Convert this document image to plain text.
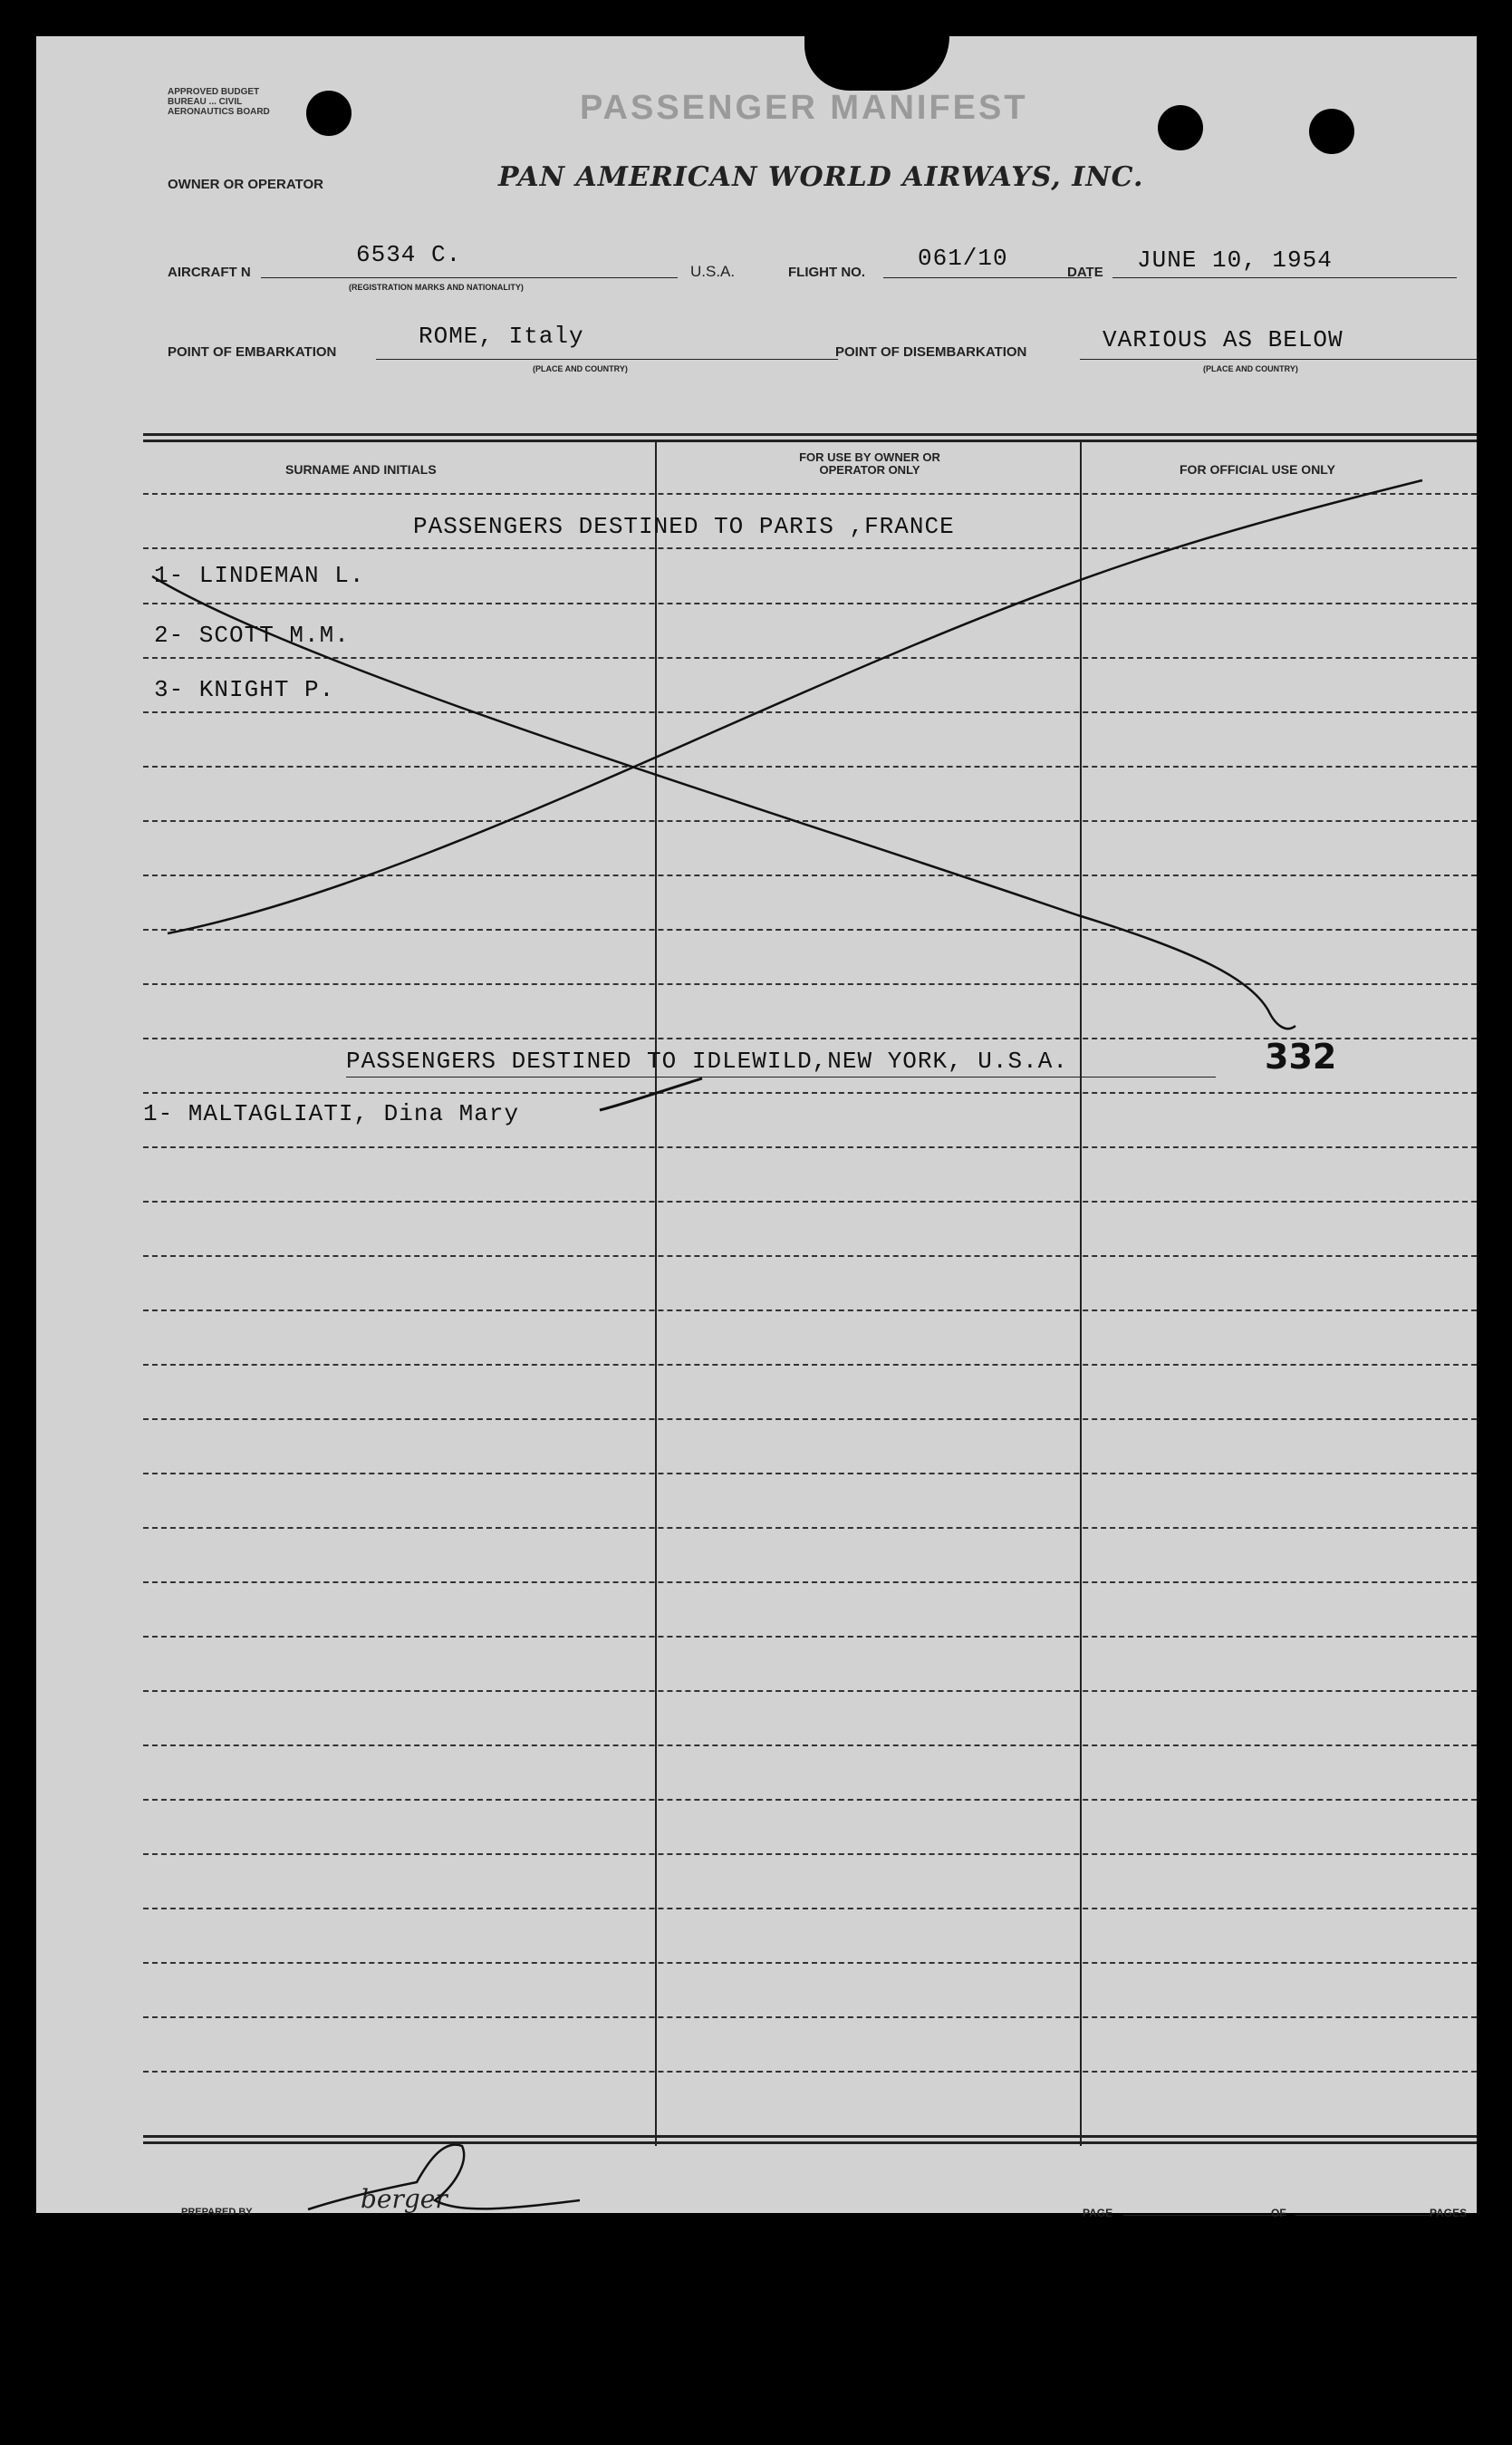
APPROVED BUDGET BUREAU ... CIVIL AERONAUTICS BOARD	PASSENGER MANIFEST
OWNER OR OPERATOR	PAN AMERICAN WORLD AIRWAYS, INC.
AIRCRAFT N
6534 C.
(REGISTRATION MARKS AND NATIONALITY)
U.S.A.	FLIGHT NO.
061/10
DATE JUNE 10, 1954
POINT OF EMBARKATION
ROME, Italy
(PLACE AND COUNTRY)
POINT OF DISEMBARKATION	VARIOUS AS BELOW
(PLACE AND COUNTRY)
SURNAME AND INITIALS
FOR USE BY OWNER OR OPERATOR ONLY	FOR OFFICIAL USE ONLY
PASSENGERS DESTINED TO PARIS ,FRANCE
1- LINDEMAN L.
2- SCOTT M.M.
3- KNIGHT P.
PASSENGERS DESTINED TO IDLEWILD,NEW YORK, U.S.A.	332
1- MALTAGLIATI, Dina Mary
PREPARED BY	berger	PAGE	OF	PAGES
